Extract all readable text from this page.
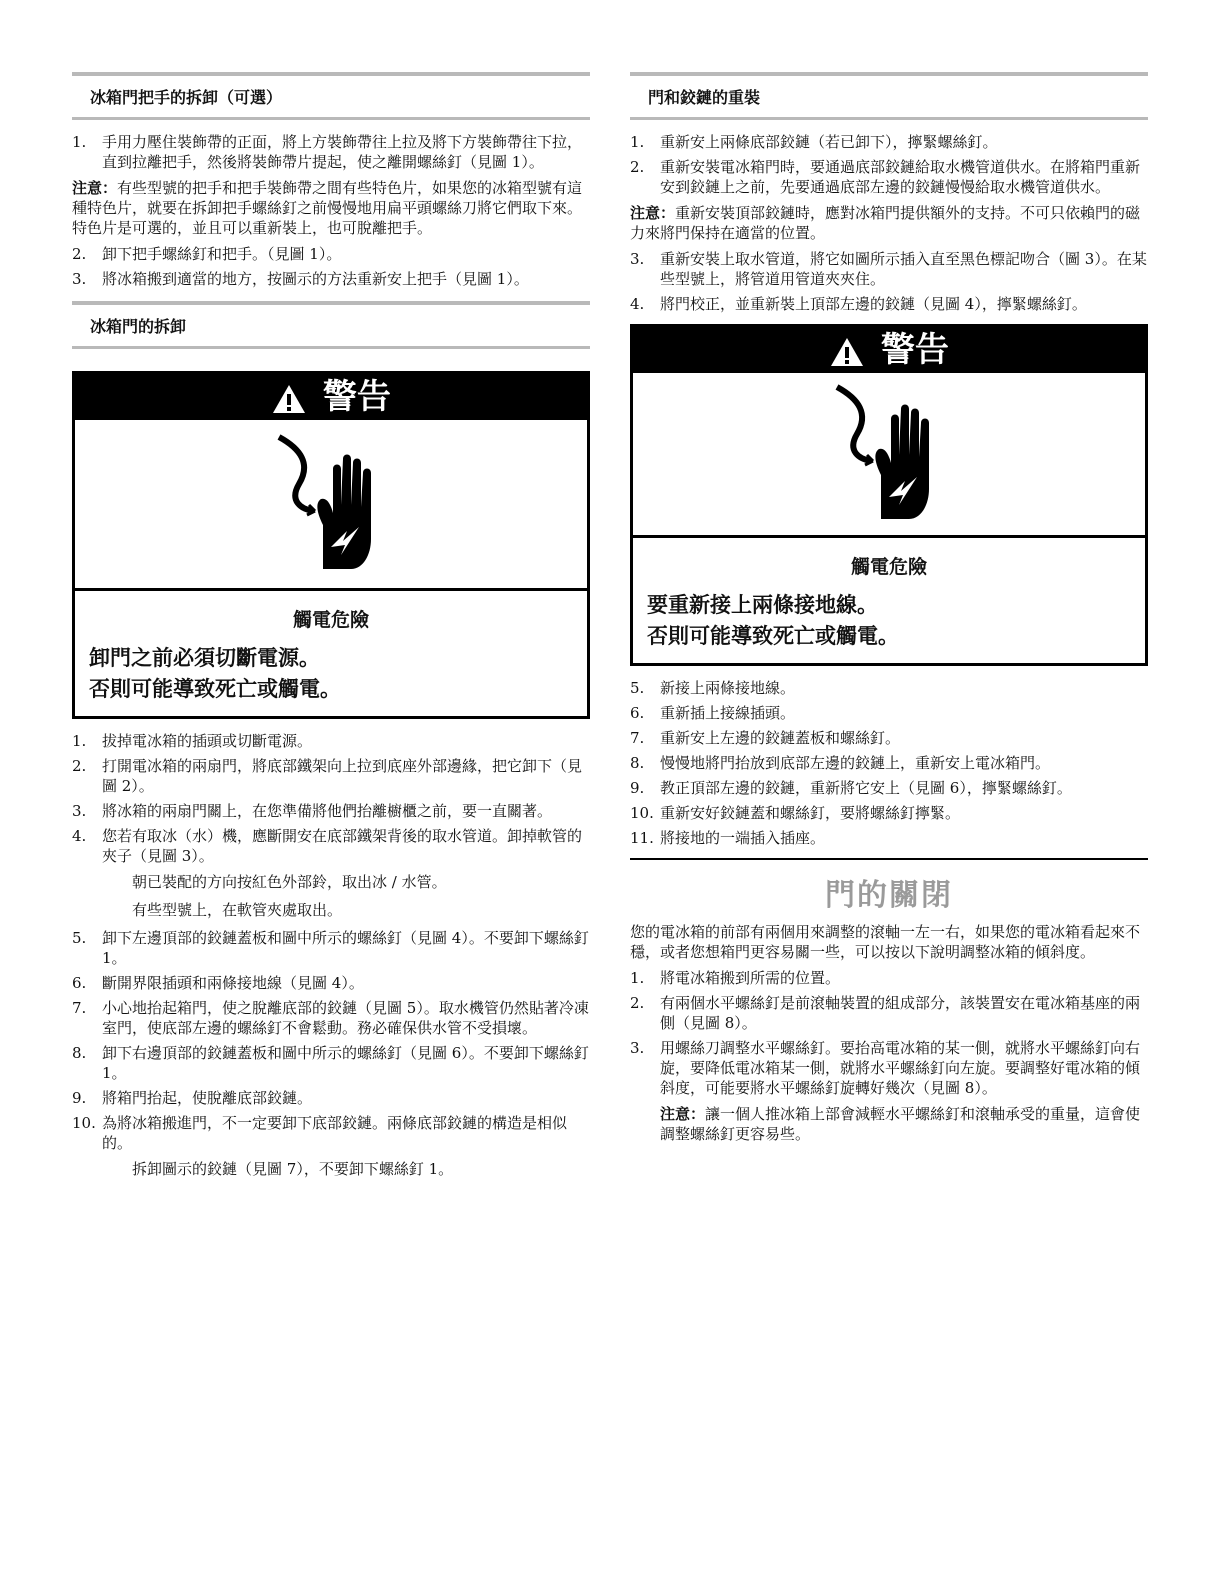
冰箱門把手的拆卸（可選）
1.	手用力壓住裝飾帶的正面，將上方裝飾帶往上拉及將下方裝飾帶往下拉，直到拉離把手，然後將裝飾帶片提起，使之離開螺絲釘（見圖 1）。

注意：有些型號的把手和把手裝飾帶之間有些特色片，如果您的冰箱型號有這種特色片，就要在拆卸把手螺絲釘之前慢慢地用扁平頭螺絲刀將它們取下來。特色片是可選的，並且可以重新裝上，也可脫離把手。

2.	卸下把手螺絲釘和把手。（見圖 1）。
3.	將冰箱搬到適當的地方，按圖示的方法重新安上把手（見圖 1）。
冰箱門的拆卸
警告
觸電危險
卸門之前必須切斷電源。
否則可能導致死亡或觸電。
1.	拔掉電冰箱的插頭或切斷電源。
2.	打開電冰箱的兩扇門，將底部鐵架向上拉到底座外部邊緣，把它卸下（見圖 2）。
3.	將冰箱的兩扇門關上，在您準備將他們抬離櫥櫃之前，要一直關著。
4.	您若有取冰（水）機，應斷開安在底部鐵架背後的取水管道。卸掉軟管的夾子（見圖 3）。
朝已裝配的方向按紅色外部鈴，取出冰 / 水管。
有些型號上，在軟管夾處取出。
5.	卸下左邊頂部的鉸鏈蓋板和圖中所示的螺絲釘（見圖 4）。不要卸下螺絲釘 1。
6.	斷開界限插頭和兩條接地線（見圖 4）。
7.	小心地抬起箱門，使之脫離底部的鉸鏈（見圖 5）。取水機管仍然貼著冷凍室門，使底部左邊的螺絲釘不會鬆動。務必確保供水管不受損壞。
8.	卸下右邊頂部的鉸鏈蓋板和圖中所示的螺絲釘（見圖 6）。不要卸下螺絲釘 1。
9.	將箱門抬起，使脫離底部鉸鏈。
10. 為將冰箱搬進門，不一定要卸下底部鉸鏈。兩條底部鉸鏈的構造是相似的。
拆卸圖示的鉸鏈（見圖 7），不要卸下螺絲釘 1。
門和鉸鏈的重裝
1.	重新安上兩條底部鉸鏈（若已卸下），擰緊螺絲釘。
2.	重新安裝電冰箱門時，要通過底部鉸鏈給取水機管道供水。在將箱門重新安到鉸鏈上之前，先要通過底部左邊的鉸鏈慢慢給取水機管道供水。

注意：重新安裝頂部鉸鏈時，應對冰箱門提供額外的支持。不可只依賴門的磁力來將門保持在適當的位置。

3.	重新安裝上取水管道，將它如圖所示插入直至黑色標記吻合（圖 3）。在某些型號上，將管道用管道夾夾住。
4.	將門校正，並重新裝上頂部左邊的鉸鏈（見圖 4），擰緊螺絲釘。
警告
觸電危險
要重新接上兩條接地線。
否則可能導致死亡或觸電。
5.	新接上兩條接地線。
6.	重新插上接線插頭。
7.	重新安上左邊的鉸鏈蓋板和螺絲釘。
8.	慢慢地將門抬放到底部左邊的鉸鏈上，重新安上電冰箱門。
9.	教正頂部左邊的鉸鏈，重新將它安上（見圖 6），擰緊螺絲釘。
10. 重新安好鉸鏈蓋和螺絲釘，要將螺絲釘擰緊。
11. 將接地的一端插入插座。
門的關閉

您的電冰箱的前部有兩個用來調整的滾軸一左一右，如果您的電冰箱看起來不穩，或者您想箱門更容易關一些，可以按以下說明調整冰箱的傾斜度。

1.	將電冰箱搬到所需的位置。
2.	有兩個水平螺絲釘是前滾軸裝置的組成部分，該裝置安在電冰箱基座的兩側（見圖 8）。
3.	用螺絲刀調整水平螺絲釘。要抬高電冰箱的某一側，就將水平螺絲釘向右旋，要降低電冰箱某一側，就將水平螺絲釘向左旋。要調整好電冰箱的傾斜度，可能要將水平螺絲釘旋轉好幾次（見圖 8）。
注意：讓一個人推冰箱上部會減輕水平螺絲釘和滾軸承受的重量，這會使調整螺絲釘更容易些。
